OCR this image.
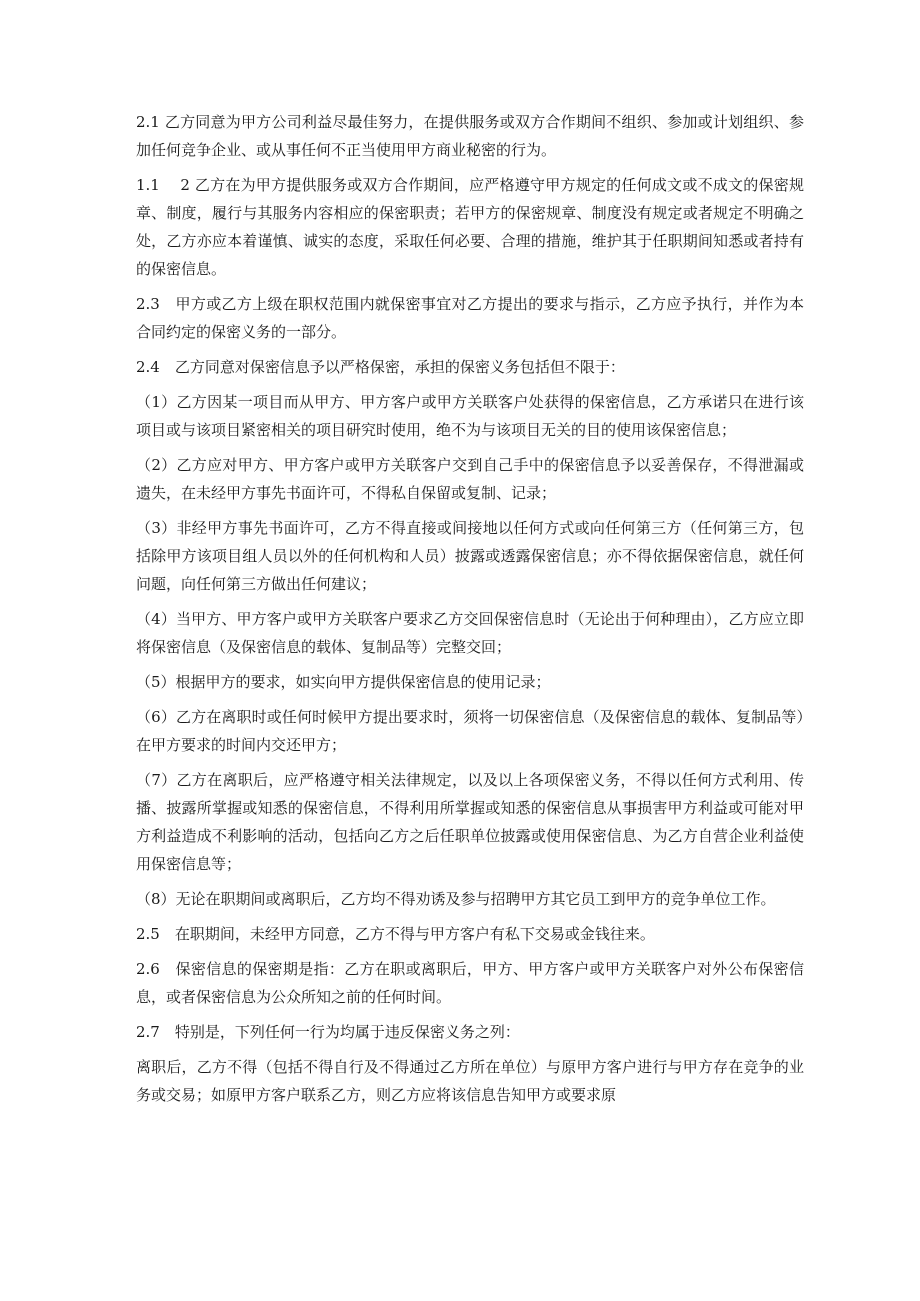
2.1 乙方同意为甲方公司利益尽最佳努力，在提供服务或双方合作期间不组织、参加或计划组织、参加任何竞争企业、或从事任何不正当使用甲方商业秘密的行为。

1.1　 2 乙方在为甲方提供服务或双方合作期间，应严格遵守甲方规定的任何成文或不成文的保密规章、制度，履行与其服务内容相应的保密职责；若甲方的保密规章、制度没有规定或者规定不明确之处，乙方亦应本着谨慎、诚实的态度，采取任何必要、合理的措施，维护其于任职期间知悉或者持有的保密信息。

2.3　甲方或乙方上级在职权范围内就保密事宜对乙方提出的要求与指示，乙方应予执行，并作为本合同约定的保密义务的一部分。

2.4　乙方同意对保密信息予以严格保密，承担的保密义务包括但不限于：

（1）乙方因某一项目而从甲方、甲方客户或甲方关联客户处获得的保密信息，乙方承诺只在进行该项目或与该项目紧密相关的项目研究时使用，绝不为与该项目无关的目的使用该保密信息；

（2）乙方应对甲方、甲方客户或甲方关联客户交到自己手中的保密信息予以妥善保存，不得泄漏或遗失，在未经甲方事先书面许可，不得私自保留或复制、记录；

（3）非经甲方事先书面许可，乙方不得直接或间接地以任何方式或向任何第三方（任何第三方，包括除甲方该项目组人员以外的任何机构和人员）披露或透露保密信息；亦不得依据保密信息，就任何问题，向任何第三方做出任何建议；

（4）当甲方、甲方客户或甲方关联客户要求乙方交回保密信息时（无论出于何种理由），乙方应立即将保密信息（及保密信息的载体、复制品等）完整交回；

（5）根据甲方的要求，如实向甲方提供保密信息的使用记录；

（6）乙方在离职时或任何时候甲方提出要求时，须将一切保密信息（及保密信息的载体、复制品等）在甲方要求的时间内交还甲方；

（7）乙方在离职后，应严格遵守相关法律规定，以及以上各项保密义务，不得以任何方式利用、传播、披露所掌握或知悉的保密信息，不得利用所掌握或知悉的保密信息从事损害甲方利益或可能对甲方利益造成不利影响的活动，包括向乙方之后任职单位披露或使用保密信息、为乙方自营企业利益使用保密信息等；

（8）无论在职期间或离职后，乙方均不得劝诱及参与招聘甲方其它员工到甲方的竞争单位工作。

2.5　在职期间，未经甲方同意，乙方不得与甲方客户有私下交易或金钱往来。

2.6　保密信息的保密期是指：乙方在职或离职后，甲方、甲方客户或甲方关联客户对外公布保密信息，或者保密信息为公众所知之前的任何时间。

2.7　特别是，下列任何一行为均属于违反保密义务之列：

离职后，乙方不得（包括不得自行及不得通过乙方所在单位）与原甲方客户进行与甲方存在竞争的业务或交易；如原甲方客户联系乙方，则乙方应将该信息告知甲方或要求原
